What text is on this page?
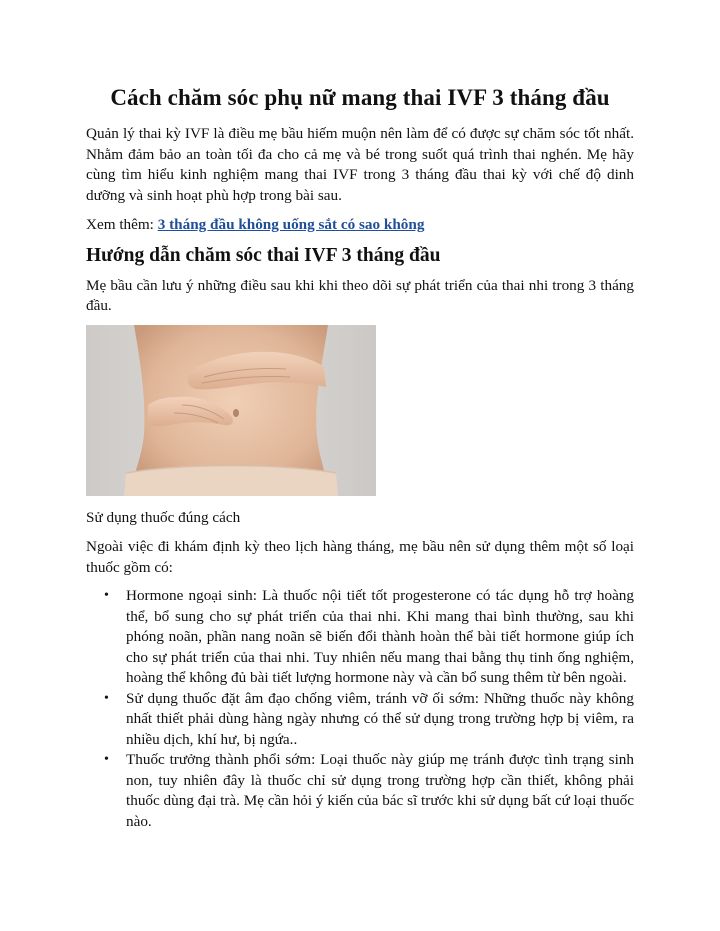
Cách chăm sóc phụ nữ mang thai IVF 3 tháng đầu

Quản lý thai kỳ IVF là điều mẹ bầu hiếm muộn nên làm để có được sự chăm sóc tốt nhất. Nhằm đảm bảo an toàn tối đa cho cả mẹ và bé trong suốt quá trình thai nghén. Mẹ hãy cùng tìm hiểu kinh nghiệm mang thai IVF trong 3 tháng đầu thai kỳ với chế độ dinh dưỡng và sinh hoạt phù hợp trong bài sau.

Xem thêm: 3 tháng đầu không uống sắt có sao không

Hướng dẫn chăm sóc thai IVF 3 tháng đầu

Mẹ bầu cần lưu ý những điều sau khi khi theo dõi sự phát triển của thai nhi trong 3 tháng đầu.

Sử dụng thuốc đúng cách

Ngoài việc đi khám định kỳ theo lịch hàng tháng, mẹ bầu nên sử dụng thêm một số loại thuốc gồm có:

• Hormone ngoại sinh: Là thuốc nội tiết tốt progesterone có tác dụng hỗ trợ hoàng thể, bổ sung cho sự phát triển của thai nhi. Khi mang thai bình thường, sau khi phóng noãn, phần nang noãn sẽ biến đổi thành hoàn thể bài tiết hormone giúp ích cho sự phát triển của thai nhi. Tuy nhiên nếu mang thai bằng thụ tinh ống nghiệm, hoàng thể không đủ bài tiết lượng hormone này và cần bổ sung thêm từ bên ngoài.
• Sử dụng thuốc đặt âm đạo chống viêm, tránh vỡ ối sớm: Những thuốc này không nhất thiết phải dùng hàng ngày nhưng có thể sử dụng trong trường hợp bị viêm, ra nhiều dịch, khí hư, bị ngứa..
• Thuốc trưởng thành phổi sớm: Loại thuốc này giúp mẹ tránh được tình trạng sinh non, tuy nhiên đây là thuốc chỉ sử dụng trong trường hợp cần thiết, không phải thuốc dùng đại trà. Mẹ cần hỏi ý kiến của bác sĩ trước khi sử dụng bất cứ loại thuốc nào.
